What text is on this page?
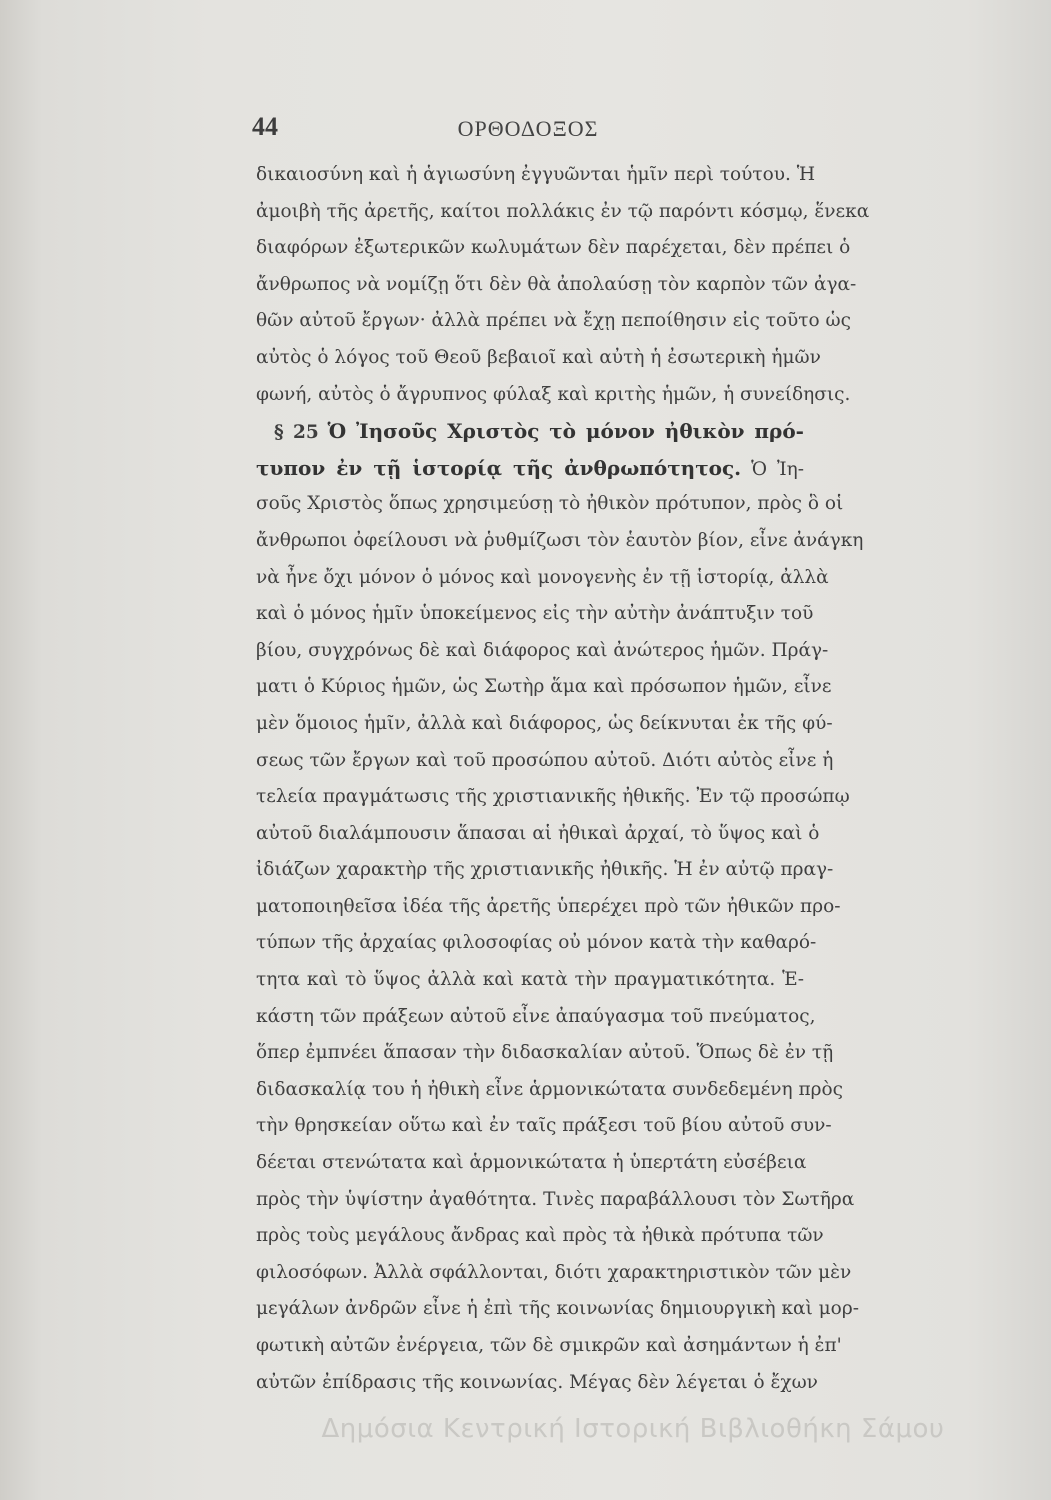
44	ΟΡΘΟΔΟΞΟΣ
δικαιοσύνη καὶ ἡ ἁγιωσύνη ἐγγυῶνται ἡμῖν περὶ τούτου. Ἡ
ἀμοιβὴ τῆς ἀρετῆς, καίτοι πολλάκις ἐν τῷ παρόντι κόσμῳ, ἕνεκα
διαφόρων ἐξωτερικῶν κωλυμάτων δὲν παρέχεται, δὲν πρέπει ὁ
ἄνθρωπος νὰ νομίζῃ ὅτι δὲν θὰ ἀπολαύσῃ τὸν καρπὸν τῶν ἀγα-
θῶν αὐτοῦ ἔργων· ἀλλὰ πρέπει νὰ ἔχῃ πεποίθησιν εἰς τοῦτο ὡς
αὐτὸς ὁ λόγος τοῦ Θεοῦ βεβαιοῖ καὶ αὐτὴ ἡ ἐσωτερικὴ ἡμῶν
φωνή, αὐτὸς ὁ ἄγρυπνος φύλαξ καὶ κριτὴς ἡμῶν, ἡ συνείδησις.
§ 25 Ὁ Ἰησοῦς Χριστὸς τὸ μόνον ἠθικὸν πρό-
τυπον ἐν τῇ ἱστορίᾳ τῆς ἀνθρωπότητος. Ὁ Ἰη-
σοῦς Χριστὸς ὅπως χρησιμεύσῃ τὸ ἠθικὸν πρότυπον, πρὸς ὃ οἱ
ἄνθρωποι ὀφείλουσι νὰ ῥυθμίζωσι τὸν ἑαυτὸν βίον, εἶνε ἀνάγκη
νὰ ἦνε ὄχι μόνον ὁ μόνος καὶ μονογενὴς ἐν τῇ ἱστορίᾳ, ἀλλὰ
καὶ ὁ μόνος ἡμῖν ὑποκείμενος εἰς τὴν αὐτὴν ἀνάπτυξιν τοῦ
βίου, συγχρόνως δὲ καὶ διάφορος καὶ ἀνώτερος ἡμῶν. Πράγ-
ματι ὁ Κύριος ἡμῶν, ὡς Σωτὴρ ἅμα καὶ πρόσωπον ἡμῶν, εἶνε
μὲν ὅμοιος ἡμῖν, ἀλλὰ καὶ διάφορος, ὡς δείκνυται ἐκ τῆς φύ-
σεως τῶν ἔργων καὶ τοῦ προσώπου αὐτοῦ. Διότι αὐτὸς εἶνε ἡ
τελεία πραγμάτωσις τῆς χριστιανικῆς ἠθικῆς. Ἐν τῷ προσώπῳ
αὐτοῦ διαλάμπουσιν ἅπασαι αἱ ἠθικαὶ ἀρχαί, τὸ ὕψος καὶ ὁ
ἰδιάζων χαρακτὴρ τῆς χριστιανικῆς ἠθικῆς. Ἡ ἐν αὐτῷ πραγ-
ματοποιηθεῖσα ἰδέα τῆς ἀρετῆς ὑπερέχει πρὸ τῶν ἠθικῶν προ-
τύπων τῆς ἀρχαίας φιλοσοφίας οὐ μόνον κατὰ τὴν καθαρό-
τητα καὶ τὸ ὕψος ἀλλὰ καὶ κατὰ τὴν πραγματικότητα. Ἑ-
κάστη τῶν πράξεων αὐτοῦ εἶνε ἀπαύγασμα τοῦ πνεύματος,
ὅπερ ἐμπνέει ἅπασαν τὴν διδασκαλίαν αὐτοῦ. Ὅπως δὲ ἐν τῇ
διδασκαλίᾳ του ἡ ἠθικὴ εἶνε ἁρμονικώτατα συνδεδεμένη πρὸς
τὴν θρησκείαν οὕτω καὶ ἐν ταῖς πράξεσι τοῦ βίου αὐτοῦ συν-
δέεται στενώτατα καὶ ἁρμονικώτατα ἡ ὑπερτάτη εὐσέβεια
πρὸς τὴν ὑψίστην ἀγαθότητα. Τινὲς παραβάλλουσι τὸν Σωτῆρα
πρὸς τοὺς μεγάλους ἄνδρας καὶ πρὸς τὰ ἠθικὰ πρότυπα τῶν
φιλοσόφων. Ἀλλὰ σφάλλονται, διότι χαρακτηριστικὸν τῶν μὲν
μεγάλων ἀνδρῶν εἶνε ἡ ἐπὶ τῆς κοινωνίας δημιουργικὴ καὶ μορ-
φωτικὴ αὐτῶν ἐνέργεια, τῶν δὲ σμικρῶν καὶ ἀσημάντων ἡ ἐπ'
αὐτῶν ἐπίδρασις τῆς κοινωνίας. Μέγας δὲν λέγεται ὁ ἔχων
Δημόσια Κεντρική Ιστορική Βιβλιοθήκη Σάμου
